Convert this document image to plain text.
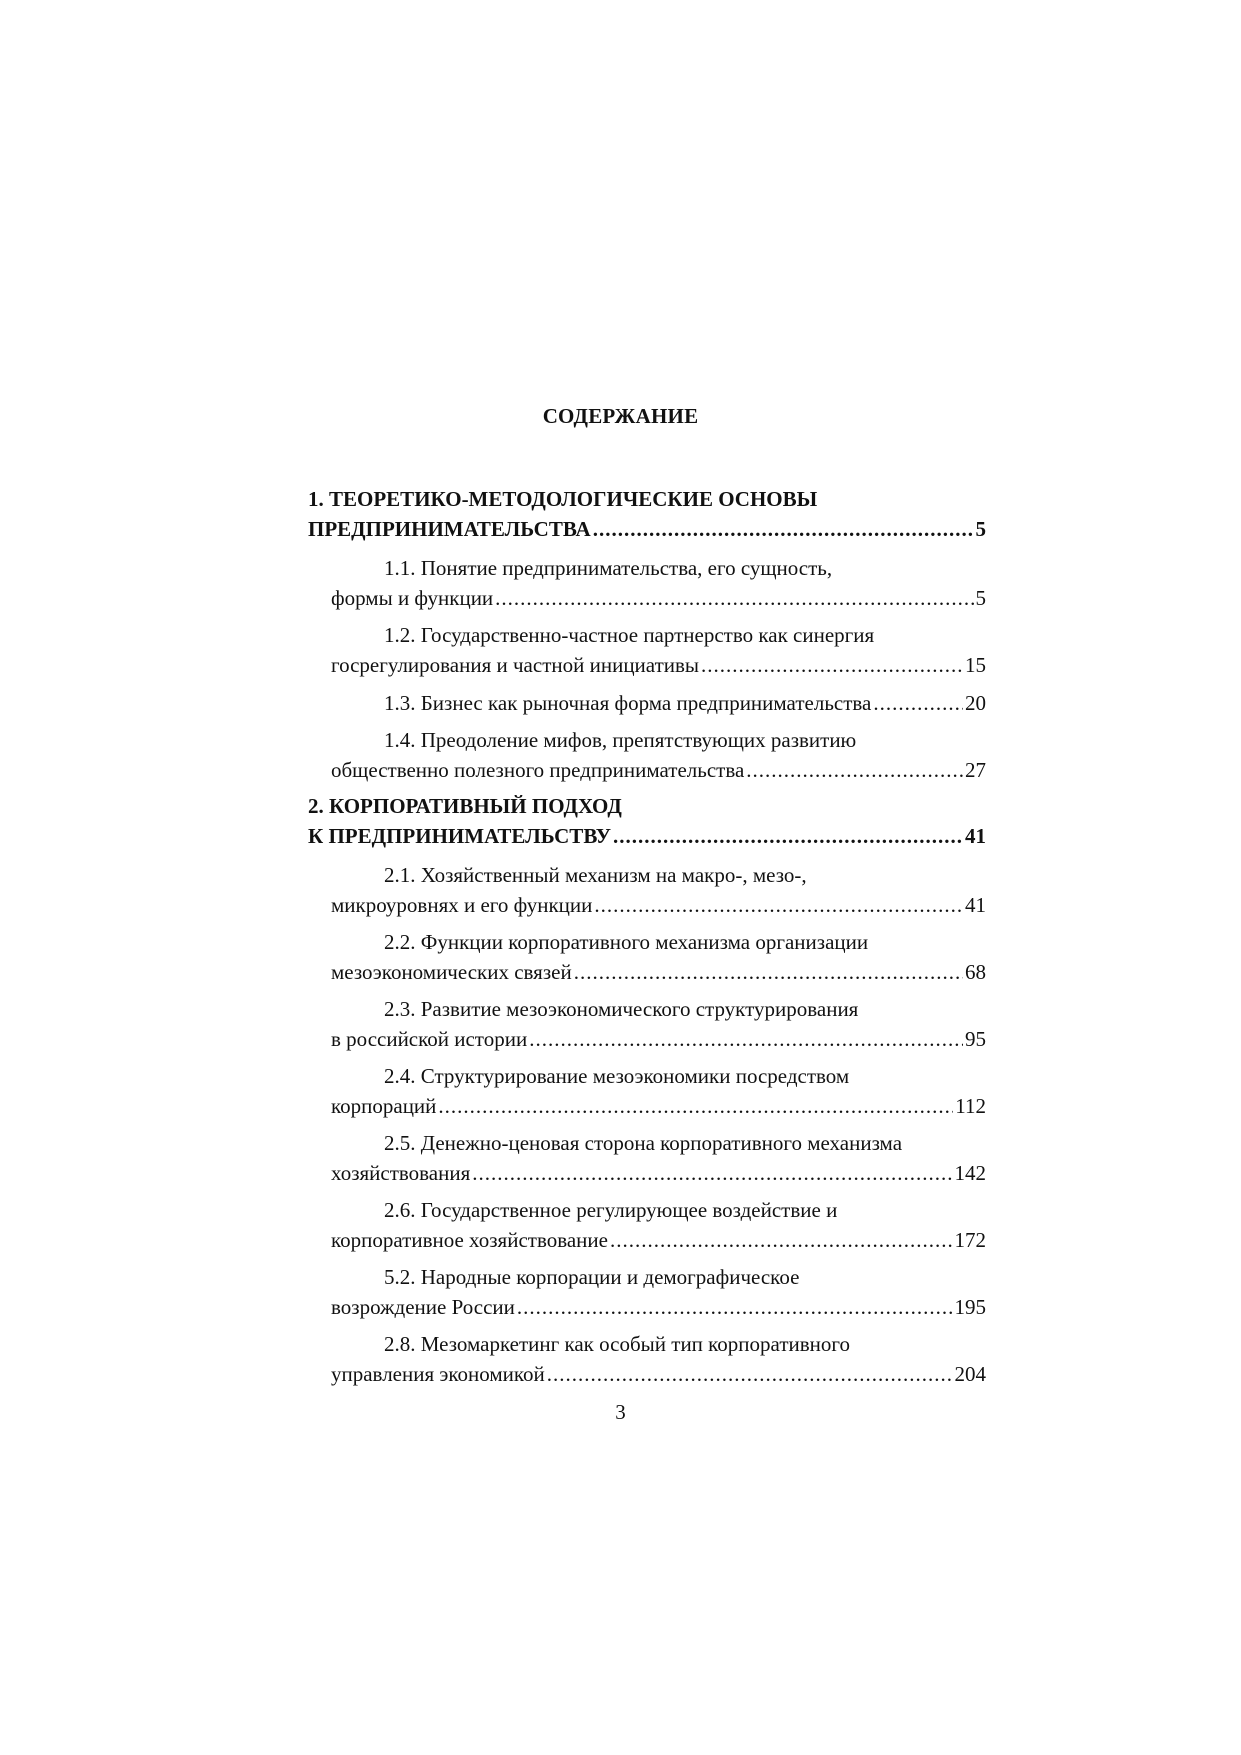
СОДЕРЖАНИЕ
1. ТЕОРЕТИКО-МЕТОДОЛОГИЧЕСКИЕ ОСНОВЫ
ПРЕДПРИНИМАТЕЛЬСТВА .....	5
1.1. Понятие предпринимательства, его сущность,
формы и функции .....	5
1.2. Государственно-частное партнерство как синергия
госрегулирования и частной инициативы .....	15
1.3. Бизнес как рыночная форма предпринимательства .....	20
1.4. Преодоление мифов, препятствующих развитию
общественно полезного предпринимательства .....	27
2. КОРПОРАТИВНЫЙ ПОДХОД
К ПРЕДПРИНИМАТЕЛЬСТВУ .....	41
2.1. Хозяйственный механизм на макро-, мезо-,
микроуровнях и его функции .....	41
2.2. Функции корпоративного механизма организации
мезоэкономических связей .....	68
2.3. Развитие мезоэкономического структурирования
в российской истории .....	95
2.4. Структурирование мезоэкономики посредством
корпораций .....	112
2.5. Денежно-ценовая сторона корпоративного механизма
хозяйствования .....	142
2.6. Государственное регулирующее воздействие и
корпоративное хозяйствование .....	172
5.2. Народные корпорации и демографическое
возрождение России .....	195
2.8. Мезомаркетинг как особый тип корпоративного
управления экономикой .....	204
3
